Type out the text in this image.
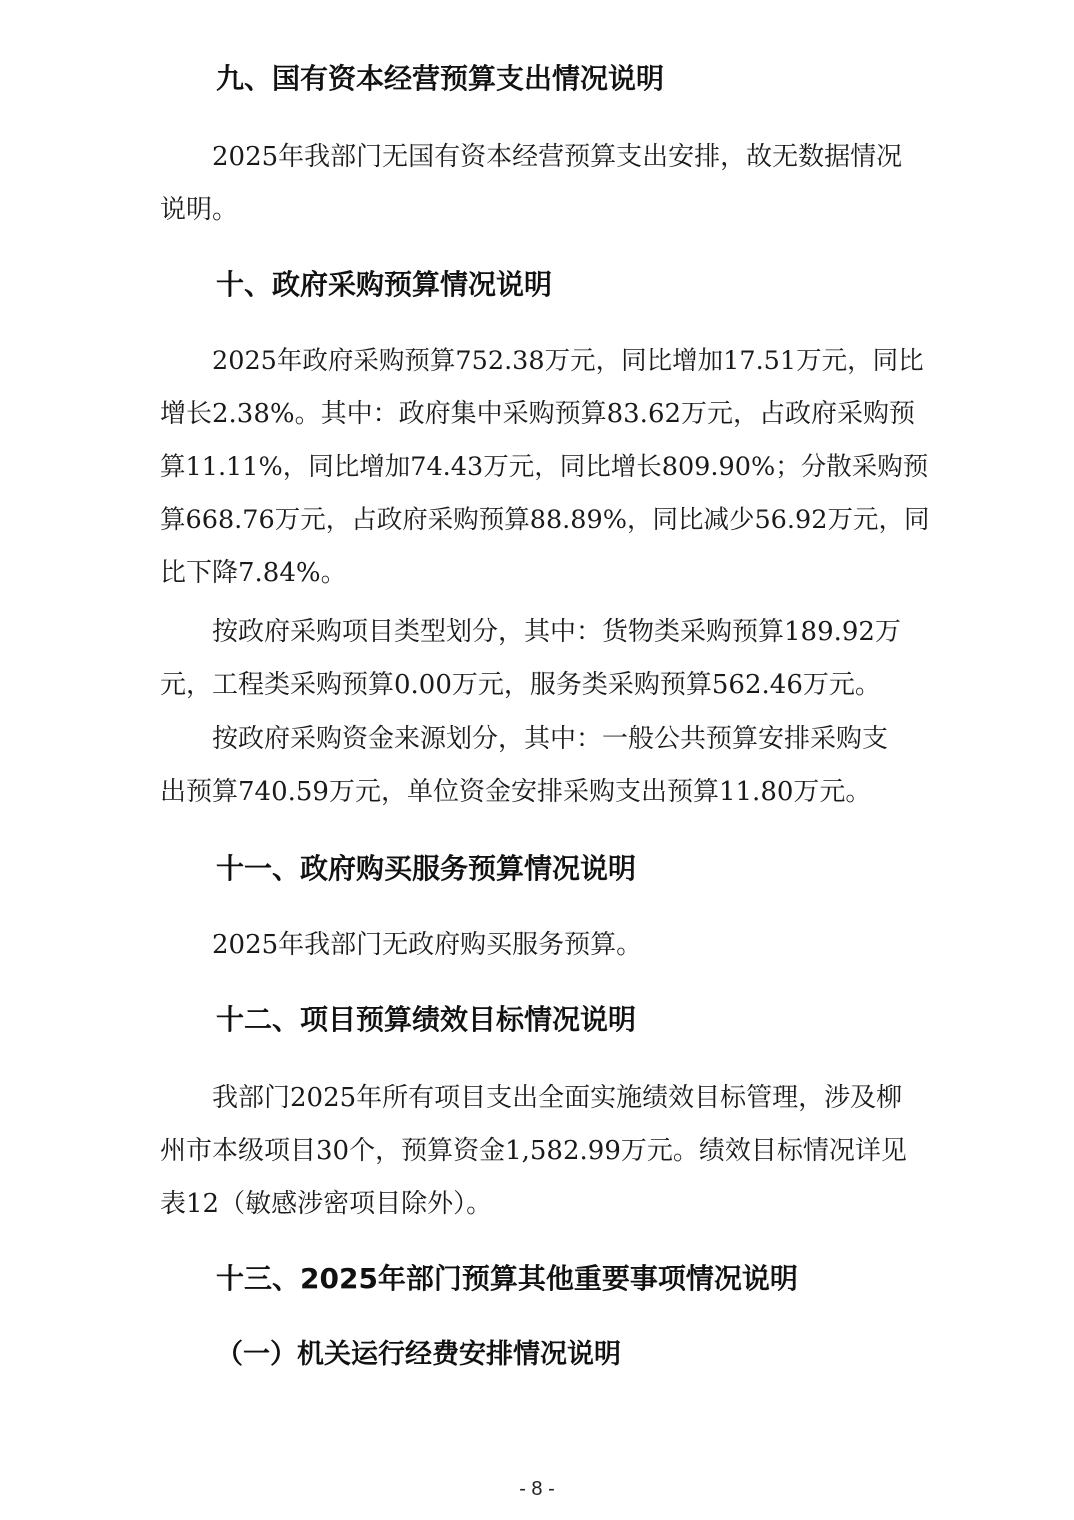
九、国有资本经营预算支出情况说明
2025年我部门无国有资本经营预算支出安排，故无数据情况
说明。
十、政府采购预算情况说明
2025年政府采购预算752.38万元，同比增加17.51万元，同比
增长2.38%。其中：政府集中采购预算83.62万元，占政府采购预
算11.11%，同比增加74.43万元，同比增长809.90%；分散采购预
算668.76万元，占政府采购预算88.89%，同比减少56.92万元，同
比下降7.84%。
按政府采购项目类型划分，其中：货物类采购预算189.92万
元，工程类采购预算0.00万元，服务类采购预算562.46万元。
按政府采购资金来源划分，其中：一般公共预算安排采购支
出预算740.59万元，单位资金安排采购支出预算11.80万元。
十一、政府购买服务预算情况说明
2025年我部门无政府购买服务预算。
十二、项目预算绩效目标情况说明
我部门2025年所有项目支出全面实施绩效目标管理，涉及柳
州市本级项目30个，预算资金1,582.99万元。绩效目标情况详见
表12（敏感涉密项目除外）。
十三、2025年部门预算其他重要事项情况说明
（一）机关运行经费安排情况说明
- 8 -
